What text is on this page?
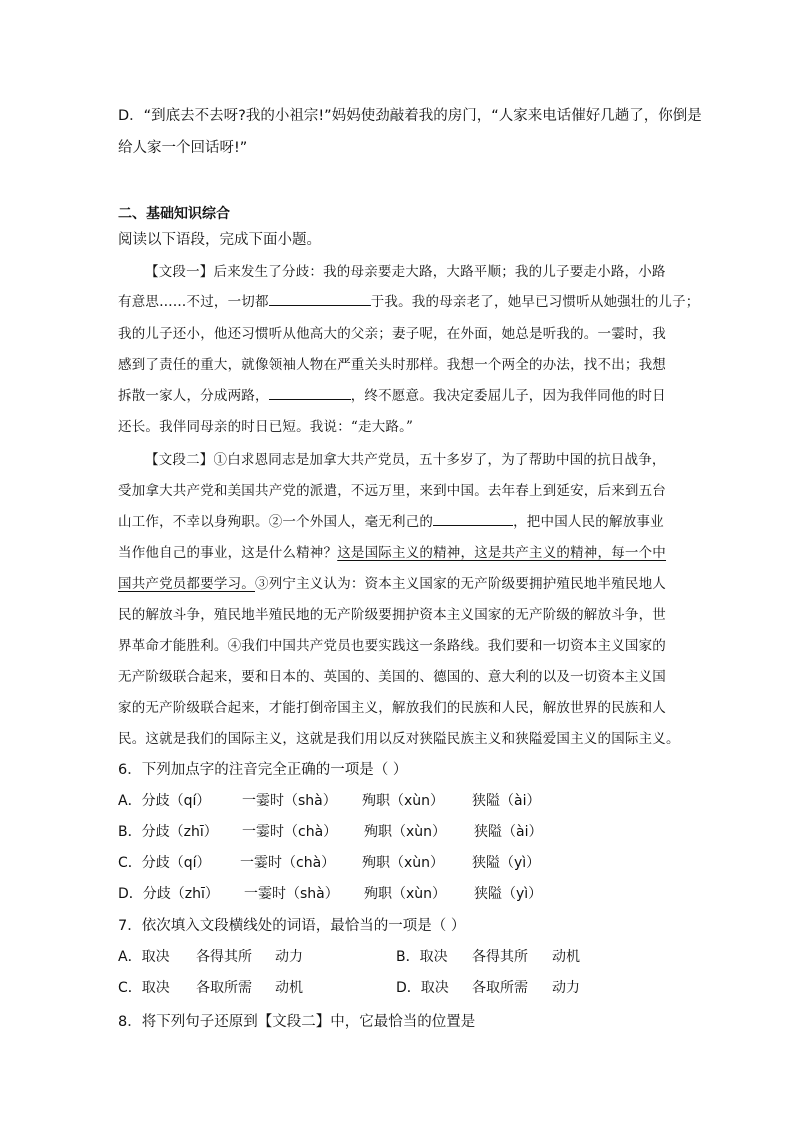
D．“到底去不去呀?我的小祖宗!”妈妈使劲敲着我的房门，“人家来电话催好几趟了，你倒是
给人家一个回话呀!”
二、基础知识综合
阅读以下语段，完成下面小题。
【文段一】后来发生了分歧：我的母亲要走大路，大路平顺；我的儿子要走小路，小路
有意思……不过，一切都	于我。我的母亲老了，她早已习惯听从她强壮的儿子；
我的儿子还小，他还习惯听从他高大的父亲；妻子呢，在外面，她总是听我的。一霎时，我
感到了责任的重大，就像领袖人物在严重关头时那样。我想一个两全的办法，找不出；我想
拆散一家人，分成两路，	，终不愿意。我决定委屈儿子，因为我伴同他的时日
还长。我伴同母亲的时日已短。我说：“走大路。”
【文段二】①白求恩同志是加拿大共产党员，五十多岁了，为了帮助中国的抗日战争，
受加拿大共产党和美国共产党的派遣，不远万里，来到中国。去年春上到延安，后来到五台
山工作，不幸以身殉职。②一个外国人，毫无利己的	，把中国人民的解放事业
当作他自己的事业，这是什么精神？这是国际主义的精神，这是共产主义的精神，每一个中
国共产党员都要学习。③列宁主义认为：资本主义国家的无产阶级要拥护殖民地半殖民地人
民的解放斗争，殖民地半殖民地的无产阶级要拥护资本主义国家的无产阶级的解放斗争，世
界革命才能胜利。④我们中国共产党员也要实践这一条路线。我们要和一切资本主义国家的
无产阶级联合起来，要和日本的、英国的、美国的、德国的、意大利的以及一切资本主义国
家的无产阶级联合起来，才能打倒帝国主义，解放我们的民族和人民，解放世界的民族和人
民。这就是我们的国际主义，这就是我们用以反对狭隘民族主义和狭隘爱国主义的国际主义。
6．下列加点字的注音完全正确的一项是（ ）
A．分歧（qí） 一霎时（shà） 殉职（xùn） 狭隘（ài）
B．分歧（zhī） 一霎时（chà） 殉职（xùn） 狭隘（ài）
C．分歧（qí） 一霎时（chà） 殉职（xùn） 狭隘（yì）
D．分歧（zhī） 一霎时（shà） 殉职（xùn） 狭隘（yì）
7．依次填入文段横线处的词语，最恰当的一项是（ ）
A．取决 各得其所 动力	B．取决 各得其所 动机
C．取决 各取所需 动机	D．取决 各取所需 动力
8．将下列句子还原到【文段二】中，它最恰当的位置是
